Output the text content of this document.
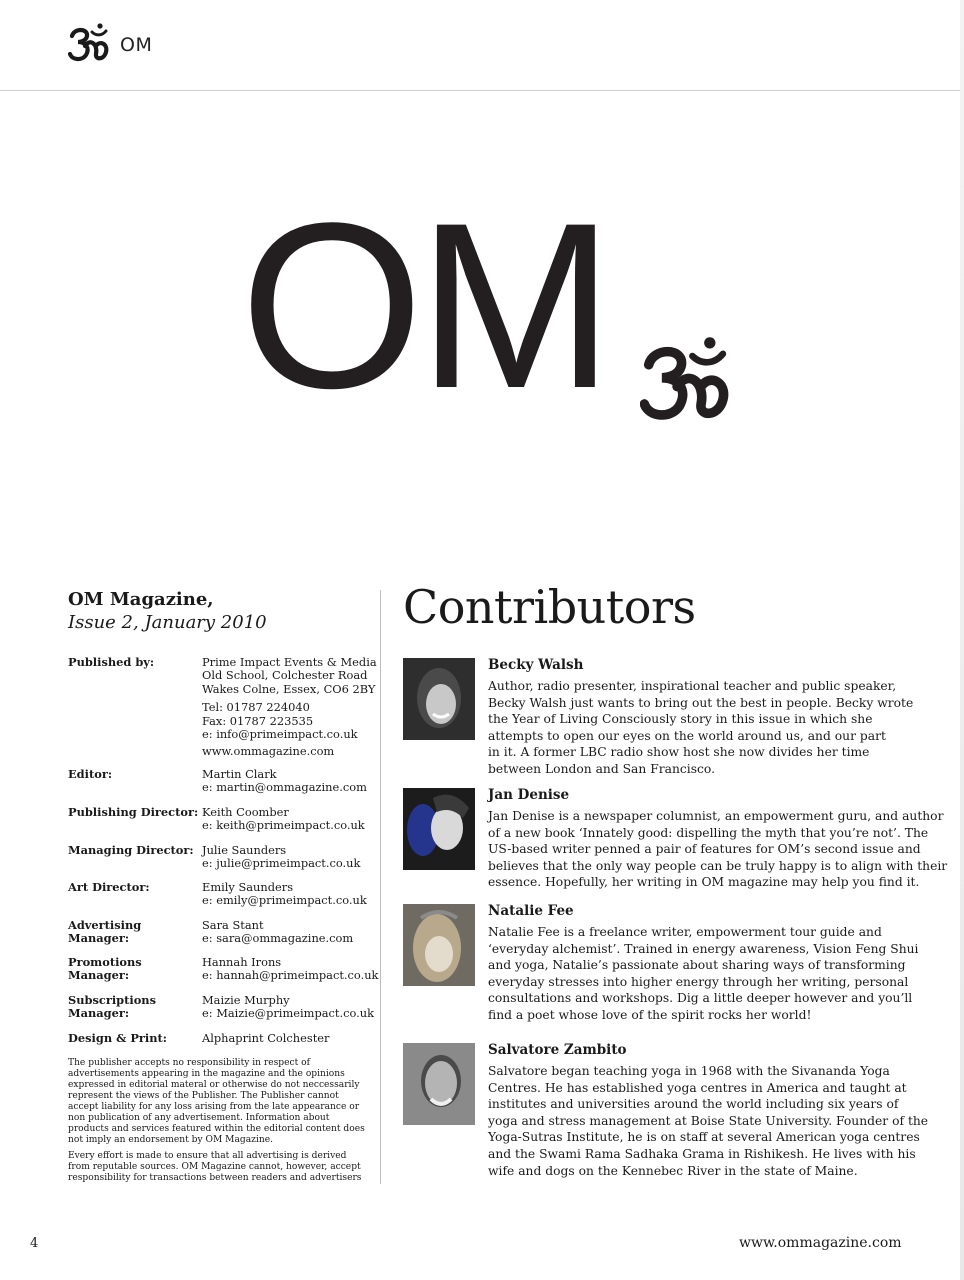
OM
OM
OM Magazine,
Issue 2, January 2010
Published by:	Prime Impact Events & Media
Old School, Colchester Road
Wakes Colne, Essex, CO6 2BY
Tel: 01787 224040
Fax: 01787 223535
e: info@primeimpact.co.uk
www.ommagazine.com
Editor:	Martin Clark
e: martin@ommagazine.com
Publishing Director: Keith Coomber
e: keith@primeimpact.co.uk
Managing Director: Julie Saunders
e: julie@primeimpact.co.uk
Art Director:	Emily Saunders
e: emily@primeimpact.co.uk
Advertising Manager:
Sara Stant
e: sara@ommagazine.com
Promotions Manager:
Hannah Irons
e: hannah@primeimpact.co.uk
Subscriptions Manager:
Maizie Murphy
e: Maizie@primeimpact.co.uk
Design & Print:	Alphaprint Colchester

The publisher accepts no responsibility in respect of advertisements appearing in the magazine and the opinions expressed in editorial materal or otherwise do not neccessarily represent the views of the Publisher. The Publisher cannot accept liability for any loss arising from the late appearance or non publication of any advertisement. Information about products and services featured within the editorial content does not imply an endorsement by OM Magazine.

Every effort is made to ensure that all advertising is derived from reputable sources. OM Magazine cannot, however, accept responsibility for transactions between readers and advertisers

Contributors
Becky Walsh
Author, radio presenter, inspirational teacher and public speaker,
Becky Walsh just wants to bring out the best in people. Becky wrote
the Year of Living Consciously story in this issue in which she
attempts to open our eyes on the world around us, and our part
in it. A former LBC radio show host she now divides her time
between London and San Francisco.
Jan Denise
Jan Denise is a newspaper columnist, an empowerment guru, and author
of a new book ‘Innately good: dispelling the myth that you’re not’. The
US-based writer penned a pair of features for OM’s second issue and
believes that the only way people can be truly happy is to align with their
essence. Hopefully, her writing in OM magazine may help you find it.
Natalie Fee
Natalie Fee is a freelance writer, empowerment tour guide and
‘everyday alchemist’. Trained in energy awareness, Vision Feng Shui
and yoga, Natalie’s passionate about sharing ways of transforming
everyday stresses into higher energy through her writing, personal
consultations and workshops. Dig a little deeper however and you’ll
find a poet whose love of the spirit rocks her world!
Salvatore Zambito
Salvatore began teaching yoga in 1968 with the Sivananda Yoga
Centres. He has established yoga centres in America and taught at
institutes and universities around the world including six years of
yoga and stress management at Boise State University. Founder of the
Yoga-Sutras Institute, he is on staff at several American yoga centres
and the Swami Rama Sadhaka Grama in Rishikesh. He lives with his
wife and dogs on the Kennebec River in the state of Maine.
4	www.ommagazine.com
